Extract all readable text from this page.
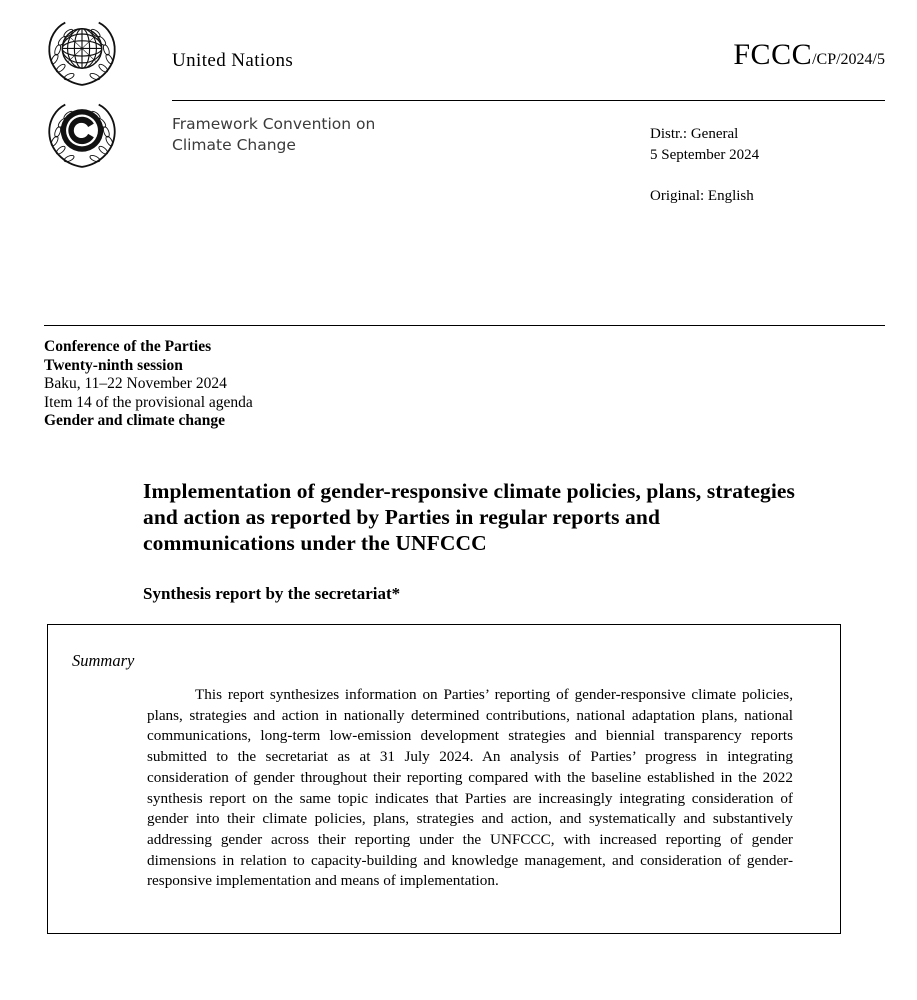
United Nations	FCCC/CP/2024/5
Framework Convention on
Climate Change
Distr.: General
5 September 2024
Original: English
Conference of the Parties
Twenty-ninth session
Baku, 11–22 November 2024
Item 14 of the provisional agenda
Gender and climate change
Implementation of gender-responsive climate policies, plans, strategies and action as reported by Parties in regular reports and communications under the UNFCCC
Synthesis report by the secretariat*
Summary
This report synthesizes information on Parties’ reporting of gender-responsive climate policies, plans, strategies and action in nationally determined contributions, national adaptation plans, national communications, long-term low-emission development strategies and biennial transparency reports submitted to the secretariat as at 31 July 2024. An analysis of Parties’ progress in integrating consideration of gender throughout their reporting compared with the baseline established in the 2022 synthesis report on the same topic indicates that Parties are increasingly integrating consideration of gender into their climate policies, plans, strategies and action, and systematically and substantively addressing gender across their reporting under the UNFCCC, with increased reporting of gender dimensions in relation to capacity-building and knowledge management, and consideration of gender-responsive implementation and means of implementation.
